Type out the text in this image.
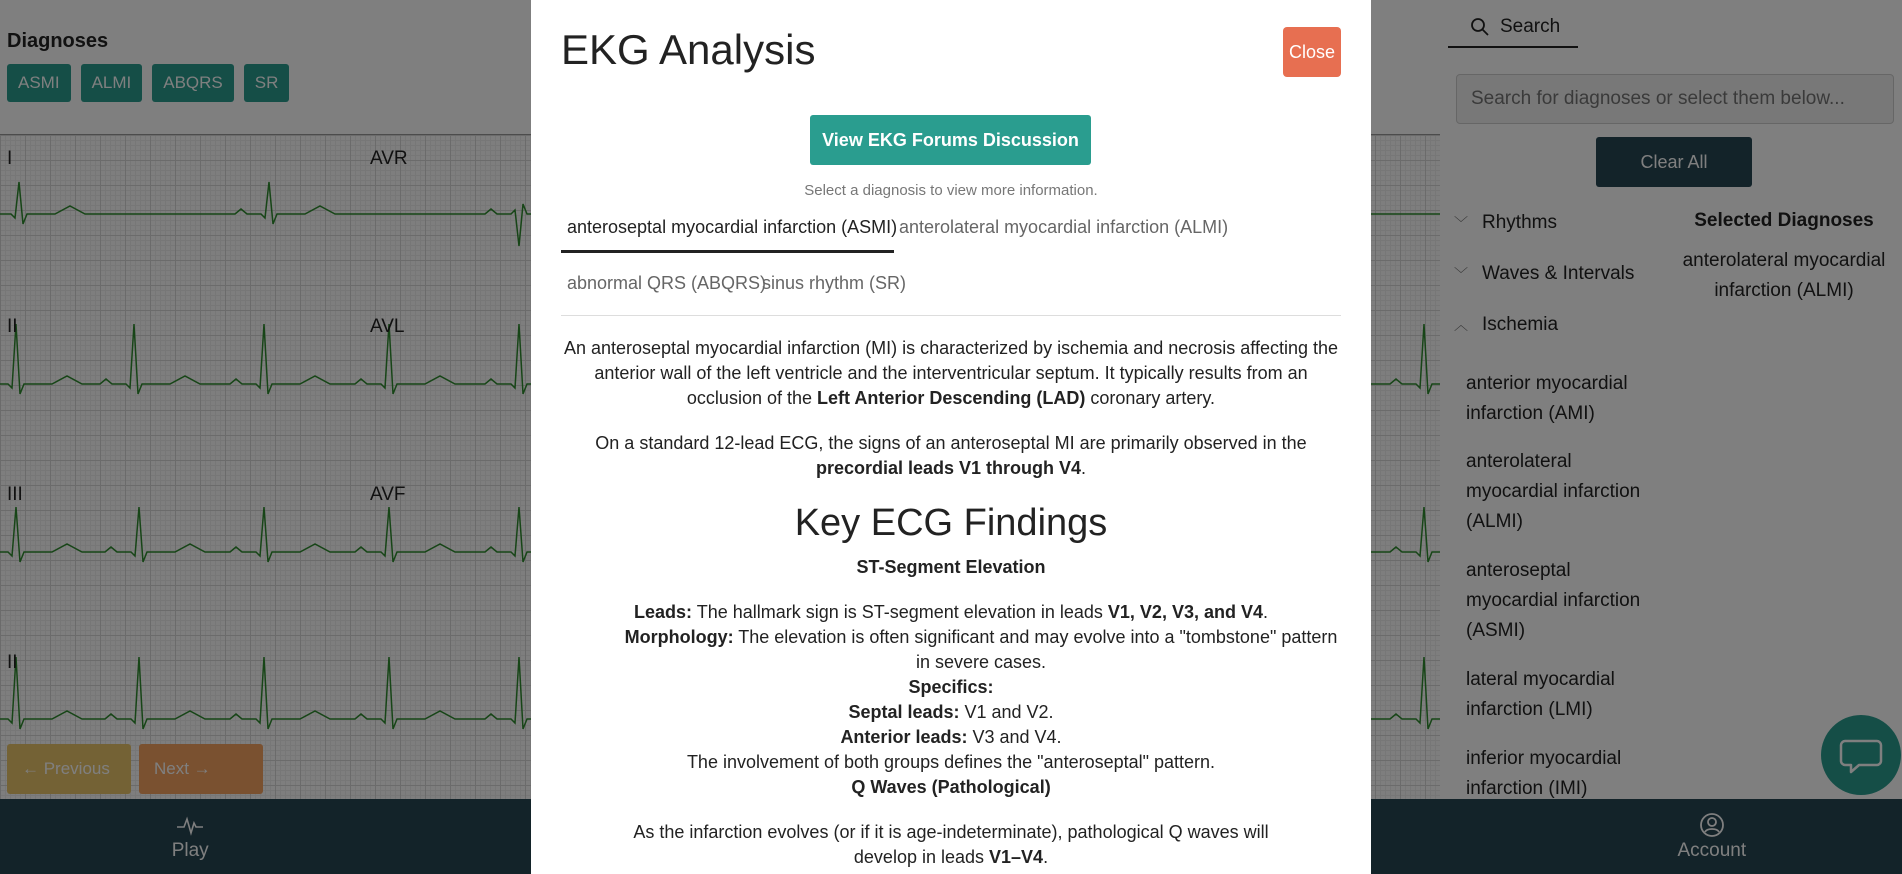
Search for diagnoses or select them below...
EKG Analysis	Close
View EKG Forums Discussion
Select a diagnosis to view more information.
anteroseptal myocardial infarction (ASMI) anterolateral myocardial infarction (ALMI)
abnormal QRS (ABQRS)
sinus rhythm (SR)

An anteroseptal myocardial infarction (MI) is characterized by ischemia and necrosis affecting the anterior wall of the left ventricle and the interventricular septum. It typically results from an occlusion of the Left Anterior Descending (LAD) coronary artery.

On a standard 12-lead ECG, the signs of an anteroseptal MI are primarily observed in the precordial leads V1 through V4.

Key ECG Findings
ST-Segment Elevation
Leads: The hallmark sign is ST-segment elevation in leads V1, V2, V3, and V4.
Morphology: The elevation is often significant and may evolve into a "tombstone" pattern in severe cases.
Specifics:
Septal leads: V1 and V2.
Anterior leads: V3 and V4.
The involvement of both groups defines the "anteroseptal" pattern.
Q Waves (Pathological)

As the infarction evolves (or if it is age-indeterminate), pathological Q waves will develop in leads V1–V4.
